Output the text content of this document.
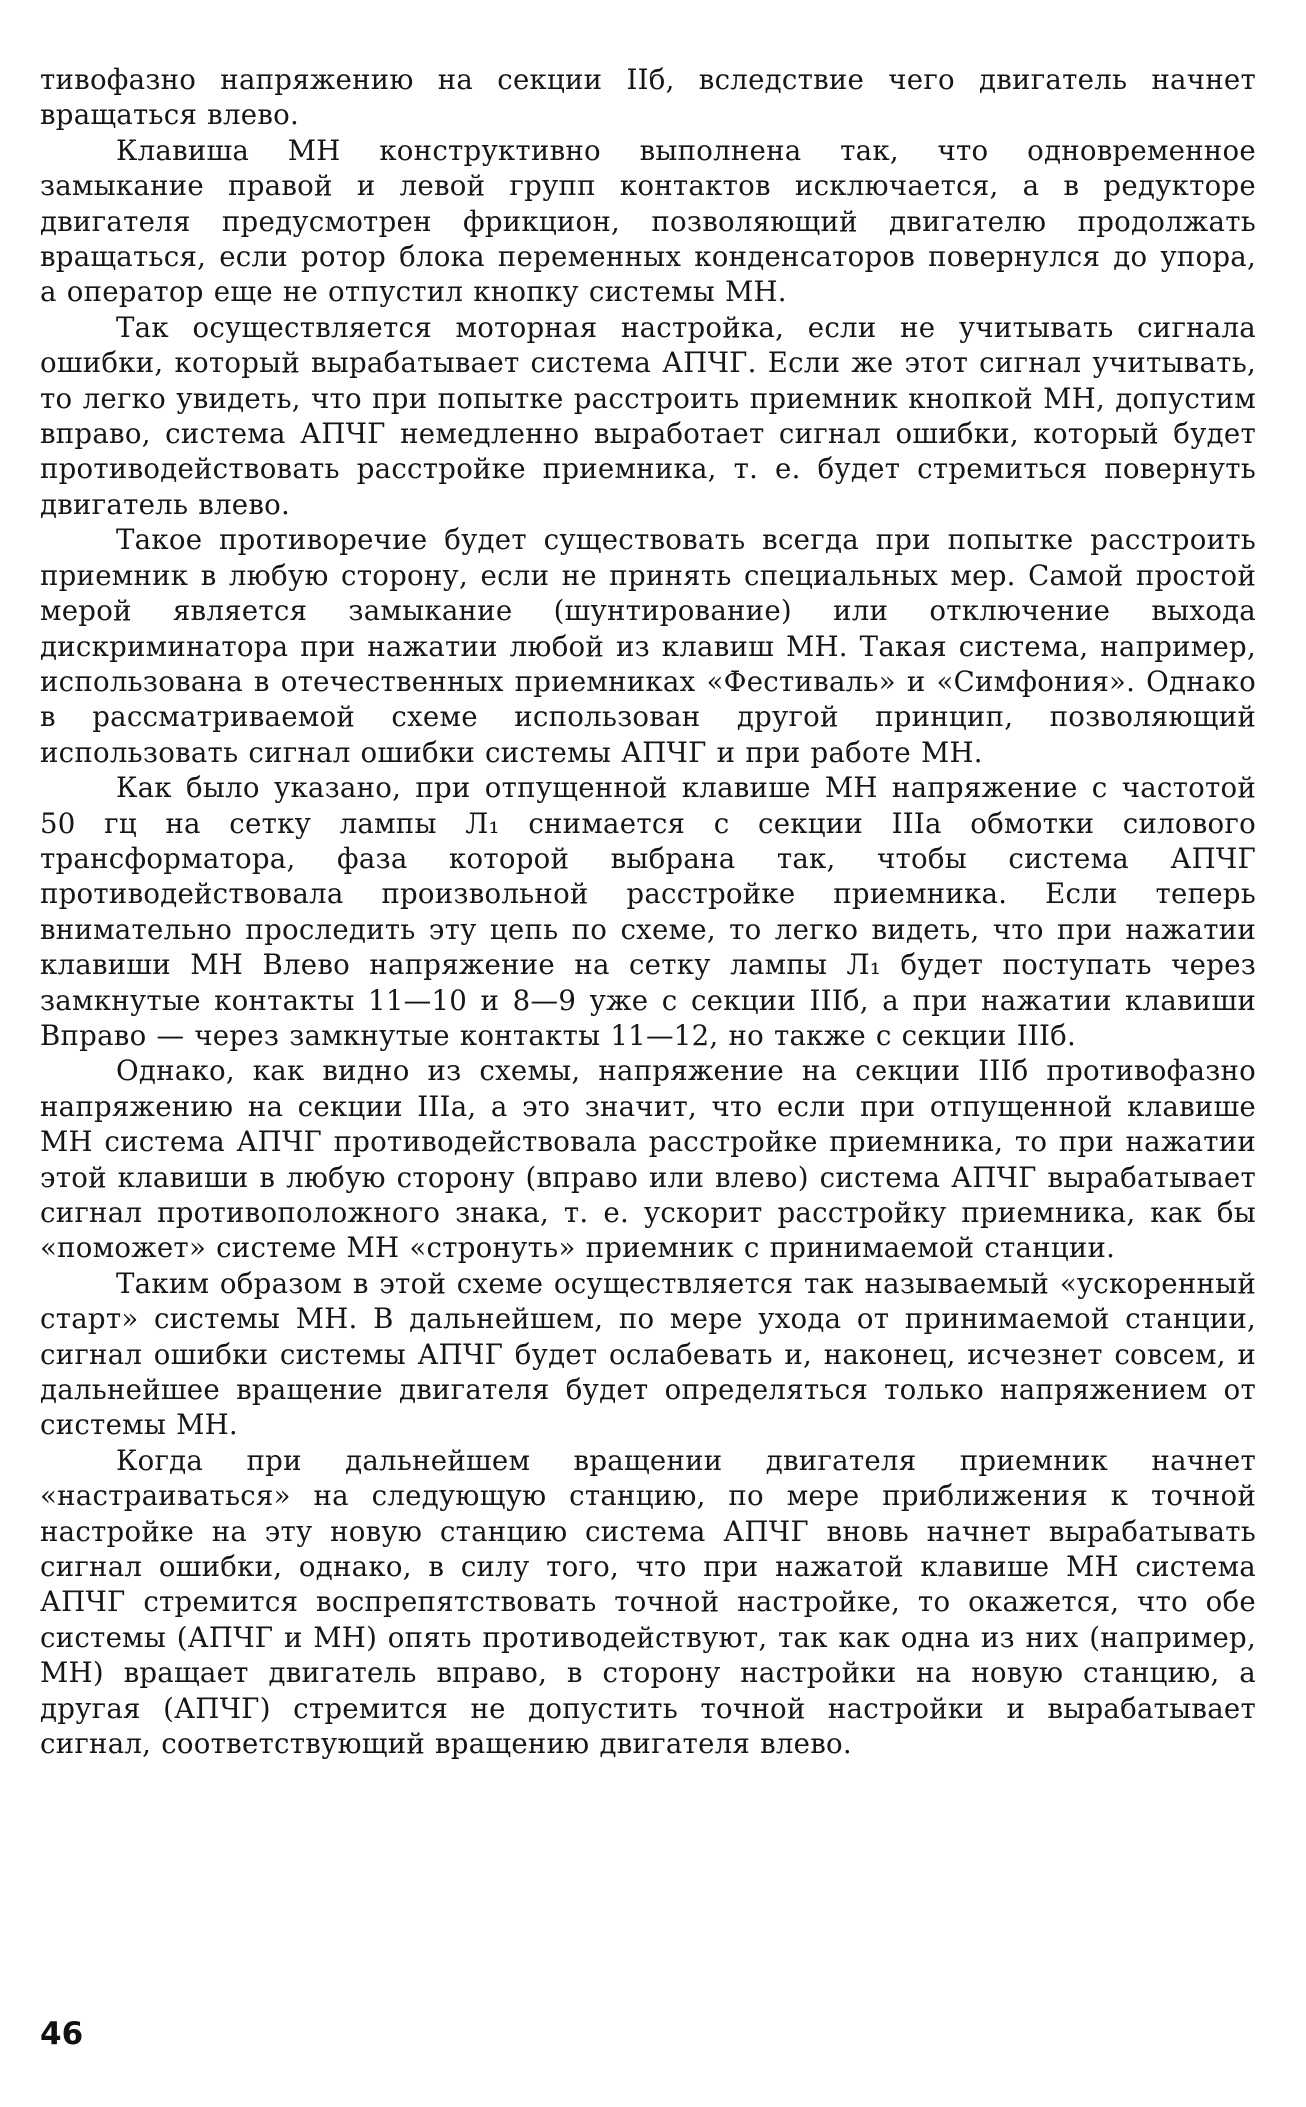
тивофазно напряжению на секции IIб, вследствие чего двигатель начнет вращаться влево.

Клавиша МН конструктивно выполнена так, что одновременное замыкание правой и левой групп контактов исключается, а в редукторе двигателя предусмотрен фрикцион, позволяющий двигателю продолжать вращаться, если ротор блока переменных конденсаторов повернулся до упора, а оператор еще не отпустил кнопку системы МН.

Так осуществляется моторная настройка, если не учитывать сигнала ошибки, который вырабатывает система АПЧГ. Если же этот сигнал учитывать, то легко увидеть, что при попытке расстроить приемник кнопкой МН, допустим вправо, система АПЧГ немедленно выработает сигнал ошибки, который будет противодействовать расстройке приемника, т. е. будет стремиться повернуть двигатель влево.

Такое противоречие будет существовать всегда при попытке расстроить приемник в любую сторону, если не принять специальных мер. Самой простой мерой является замыкание (шунтирование) или отключение выхода дискриминатора при нажатии любой из клавиш МН. Такая система, например, использована в отечественных приемниках «Фестиваль» и «Симфония». Однако в рассматриваемой схеме использован другой принцип, позволяющий использовать сигнал ошибки системы АПЧГ и при работе МН.

Как было указано, при отпущенной клавише МН напряжение с частотой 50 гц на сетку лампы Л₁ снимается с секции IIIа обмотки силового трансформатора, фаза которой выбрана так, чтобы система АПЧГ противодействовала произвольной расстройке приемника. Если теперь внимательно проследить эту цепь по схеме, то легко видеть, что при нажатии клавиши МН Влево напряжение на сетку лампы Л₁ будет поступать через замкнутые контакты 11—10 и 8—9 уже с секции IIIб, а при нажатии клавиши Вправо — через замкнутые контакты 11—12, но также с секции IIIб.

Однако, как видно из схемы, напряжение на секции IIIб противофазно напряжению на секции IIIа, а это значит, что если при отпущенной клавише МН система АПЧГ противодействовала расстройке приемника, то при нажатии этой клавиши в любую сторону (вправо или влево) система АПЧГ вырабатывает сигнал противоположного знака, т. е. ускорит расстройку приемника, как бы «поможет» системе МН «стронуть» приемник с принимаемой станции.

Таким образом в этой схеме осуществляется так называемый «ускоренный старт» системы МН. В дальнейшем, по мере ухода от принимаемой станции, сигнал ошибки системы АПЧГ будет ослабевать и, наконец, исчезнет совсем, и дальнейшее вращение двигателя будет определяться только напряжением от системы МН.

Когда при дальнейшем вращении двигателя приемник начнет «настраиваться» на следующую станцию, по мере приближения к точной настройке на эту новую станцию система АПЧГ вновь начнет вырабатывать сигнал ошибки, однако, в силу того, что при нажатой клавише МН система АПЧГ стремится воспрепятствовать точной настройке, то окажется, что обе системы (АПЧГ и МН) опять противодействуют, так как одна из них (например, МН) вращает двигатель вправо, в сторону настройки на новую станцию, а другая (АПЧГ) стремится не допустить точной настройки и вырабатывает сигнал, соответствующий вращению двигателя влево.

46
